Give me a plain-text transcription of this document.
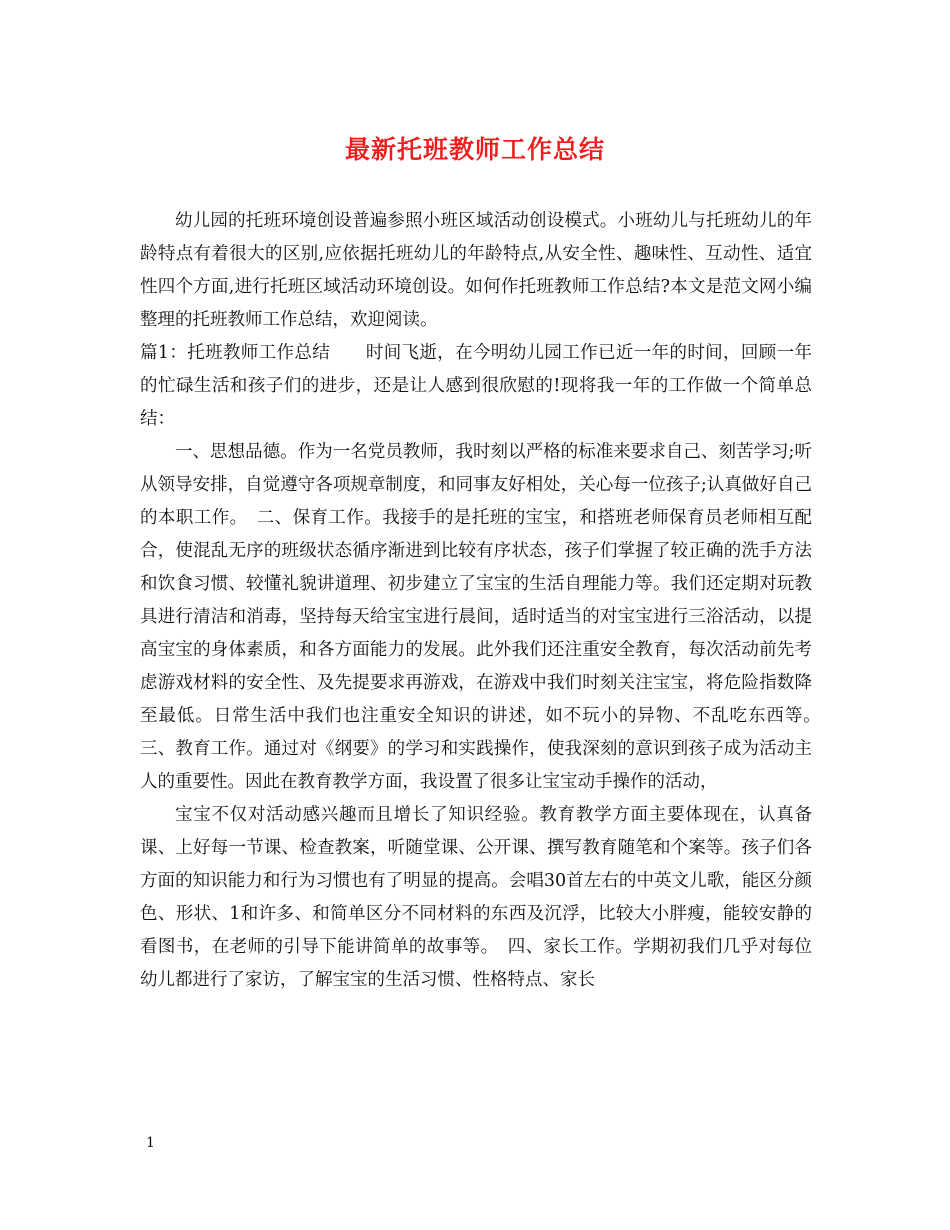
最新托班教师工作总结

幼儿园的托班环境创设普遍参照小班区域活动创设模式。小班幼儿与托班幼儿的年龄特点有着很大的区别,应依据托班幼儿的年龄特点,从安全性、趣味性、互动性、适宜性四个方面,进行托班区域活动环境创设。如何作托班教师工作总结?本文是范文网小编整理的托班教师工作总结，欢迎阅读。

篇1：托班教师工作总结　　时间飞逝，在今明幼儿园工作已近一年的时间，回顾一年的忙碌生活和孩子们的进步，还是让人感到很欣慰的!现将我一年的工作做一个简单总结：

一、思想品德。作为一名党员教师，我时刻以严格的标准来要求自己、刻苦学习;听从领导安排，自觉遵守各项规章制度，和同事友好相处，关心每一位孩子;认真做好自己的本职工作。　二、保育工作。我接手的是托班的宝宝，和搭班老师保育员老师相互配合，使混乱无序的班级状态循序渐进到比较有序状态，孩子们掌握了较正确的洗手方法和饮食习惯、较懂礼貌讲道理、初步建立了宝宝的生活自理能力等。我们还定期对玩教具进行清洁和消毒，坚持每天给宝宝进行晨间，适时适当的对宝宝进行三浴活动，以提高宝宝的身体素质，和各方面能力的发展。此外我们还注重安全教育，每次活动前先考虑游戏材料的安全性、及先提要求再游戏，在游戏中我们时刻关注宝宝，将危险指数降至最低。日常生活中我们也注重安全知识的讲述，如不玩小的异物、不乱吃东西等。　三、教育工作。通过对《纲要》的学习和实践操作，使我深刻的意识到孩子成为活动主人的重要性。因此在教育教学方面，我设置了很多让宝宝动手操作的活动，

宝宝不仅对活动感兴趣而且增长了知识经验。教育教学方面主要体现在，认真备课、上好每一节课、检查教案，听随堂课、公开课、撰写教育随笔和个案等。孩子们各方面的知识能力和行为习惯也有了明显的提高。会唱30首左右的中英文儿歌，能区分颜色、形状、1和许多、和简单区分不同材料的东西及沉浮，比较大小胖瘦，能较安静的看图书，在老师的引导下能讲简单的故事等。　四、家长工作。学期初我们几乎对每位幼儿都进行了家访，了解宝宝的生活习惯、性格特点、家长

1
